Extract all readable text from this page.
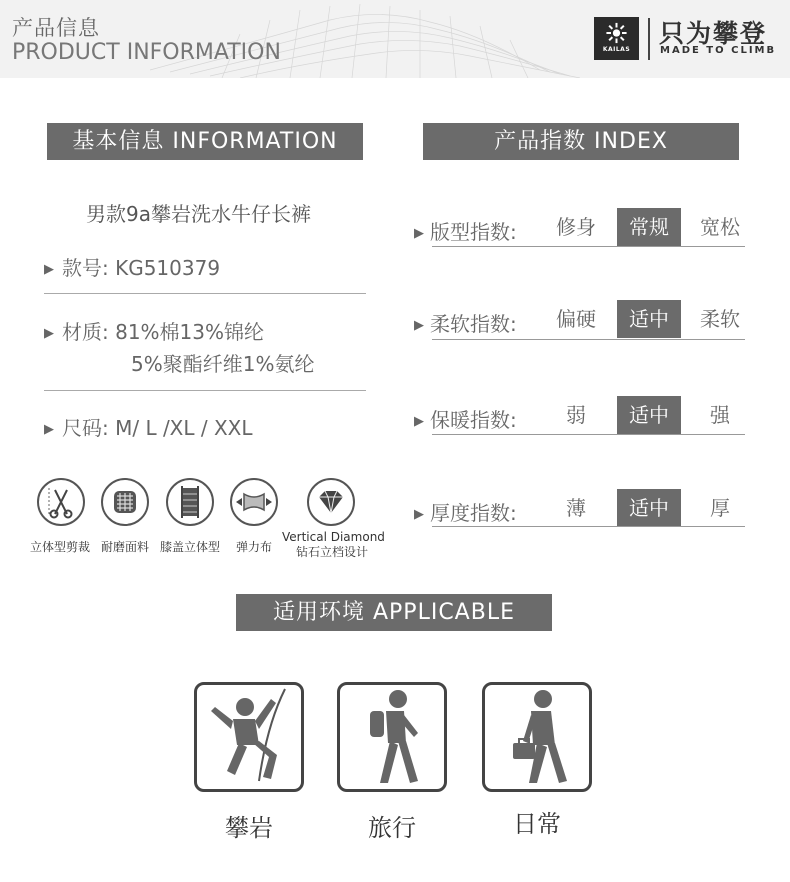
产品信息
PRODUCT INFORMATION	KAILAS
只为攀登
MADE TO CLIMB
基本信息 INFORMATION
男款9a攀岩洗水牛仔长裤
▶ 款号: KG510379
▶ 材质: 81%棉13%锦纶
5%聚酯纤维1%氨纶
▶ 尺码: M/ L /XL / XXL
立体型剪裁 耐磨面料 膝盖立体型 弹力布
Vertical Diamond
钻石立档设计
产品指数 INDEX
▶ 版型指数:	修身	常规	宽松
▶ 柔软指数:	偏硬	适中	柔软
▶ 保暖指数:	弱	适中	强
▶ 厚度指数:	薄	适中	厚
适用环境 APPLICABLE
攀岩	旅行	日常
